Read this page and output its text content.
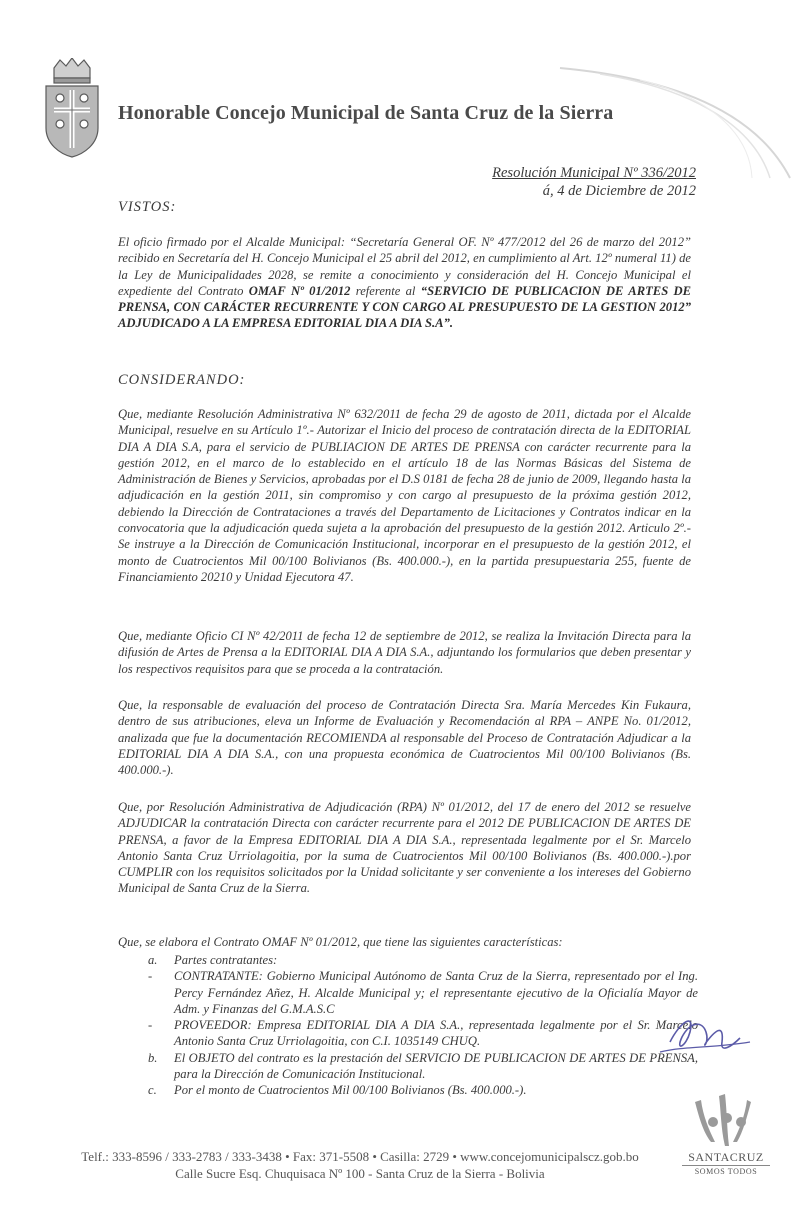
Honorable Concejo Municipal de Santa Cruz de la Sierra
Resolución Municipal Nº 336/2012
á, 4 de Diciembre de 2012
VISTOS:
El oficio firmado por el Alcalde Municipal: “Secretaría General OF. Nº 477/2012 del 26 de marzo del 2012” recibido en Secretaría del H. Concejo Municipal el 25 abril del 2012, en cumplimiento al Art. 12º numeral 11) de la Ley de Municipalidades 2028, se remite a conocimiento y consideración del H. Concejo Municipal el expediente del Contrato OMAF Nº 01/2012 referente al “SERVICIO DE PUBLICACION DE ARTES DE PRENSA, CON CARÁCTER RECURRENTE Y CON CARGO AL PRESUPUESTO DE LA GESTION 2012” ADJUDICADO A LA EMPRESA EDITORIAL DIA A DIA S.A”.
CONSIDERANDO:
Que, mediante Resolución Administrativa Nº 632/2011 de fecha 29 de agosto de 2011, dictada por el Alcalde Municipal, resuelve en su Artículo 1º.- Autorizar el Inicio del proceso de contratación directa de la EDITORIAL DIA A DIA S.A, para el servicio de PUBLIACION DE ARTES DE PRENSA con carácter recurrente para la gestión 2012, en el marco de lo establecido en el artículo 18 de las Normas Básicas del Sistema de Administración de Bienes y Servicios, aprobadas por el D.S 0181 de fecha 28 de junio de 2009, llegando hasta la adjudicación en la gestión 2011, sin compromiso y con cargo al presupuesto de la próxima gestión 2012, debiendo la Dirección de Contrataciones a través del Departamento de Licitaciones y Contratos indicar en la convocatoria que la adjudicación queda sujeta a la aprobación del presupuesto de la gestión 2012. Articulo 2º.- Se instruye a la Dirección de Comunicación Institucional, incorporar en el presupuesto de la gestión 2012, el monto de Cuatrocientos Mil 00/100 Bolivianos (Bs. 400.000.-), en la partida presupuestaria 255, fuente de Financiamiento 20210 y Unidad Ejecutora 47.
Que, mediante Oficio CI Nº 42/2011 de fecha 12 de septiembre de 2012, se realiza la Invitación Directa para la difusión de Artes de Prensa a la EDITORIAL DIA A DIA S.A., adjuntando los formularios que deben presentar y los respectivos requisitos para que se proceda a la contratación.
Que, la responsable de evaluación del proceso de Contratación Directa Sra. María Mercedes Kin Fukaura, dentro de sus atribuciones, eleva un Informe de Evaluación y Recomendación al RPA – ANPE No. 01/2012, analizada que fue la documentación RECOMIENDA al responsable del Proceso de Contratación Adjudicar a la EDITORIAL DIA A DIA S.A., con una propuesta económica de Cuatrocientos Mil 00/100 Bolivianos (Bs. 400.000.-).
Que, por Resolución Administrativa de Adjudicación (RPA) Nº 01/2012, del 17 de enero del 2012 se resuelve ADJUDICAR la contratación Directa con carácter recurrente para el 2012 DE PUBLICACION DE ARTES DE PRENSA, a favor de la Empresa EDITORIAL DIA A DIA S.A., representada legalmente por el Sr. Marcelo Antonio Santa Cruz Urriolagoitia, por la suma de Cuatrocientos Mil 00/100 Bolivianos (Bs. 400.000.-).por CUMPLIR con los requisitos solicitados por la Unidad solicitante y ser conveniente a los intereses del Gobierno Municipal de Santa Cruz de la Sierra.
Que, se elabora el Contrato OMAF Nº 01/2012, que tiene las siguientes características:
a. Partes contratantes:
- CONTRATANTE: Gobierno Municipal Autónomo de Santa Cruz de la Sierra, representado por el Ing. Percy Fernández Añez, H. Alcalde Municipal y; el representante ejecutivo de la Oficialía Mayor de Adm. y Finanzas del G.M.A.S.C
- PROVEEDOR: Empresa EDITORIAL DIA A DIA S.A., representada legalmente por el Sr. Marcelo Antonio Santa Cruz Urriolagoitia, con C.I. 1035149 CHUQ.
b. El OBJETO del contrato es la prestación del SERVICIO DE PUBLICACION DE ARTES DE PRENSA, para la Dirección de Comunicación Institucional.
c. Por el monto de Cuatrocientos Mil 00/100 Bolivianos (Bs. 400.000.-).
SANTACRUZ
SOMOS TODOS
Telf.: 333-8596 / 333-2783 / 333-3438 • Fax: 371-5508 • Casilla: 2729 • www.concejomunicipalscz.gob.bo
Calle Sucre Esq. Chuquisaca Nº 100 - Santa Cruz de la Sierra - Bolivia
